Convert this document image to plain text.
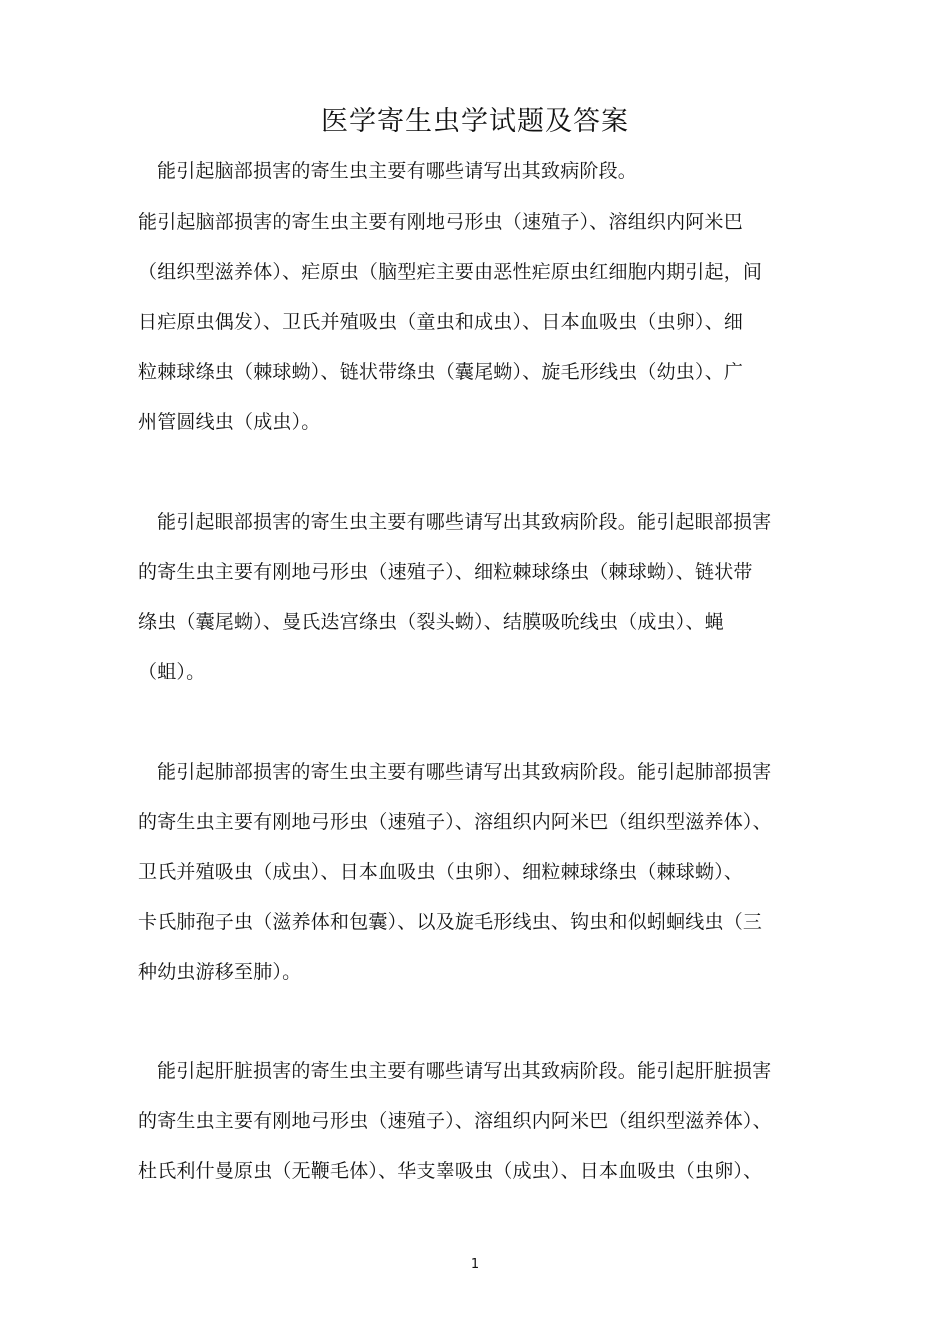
医学寄生虫学试题及答案
能引起脑部损害的寄生虫主要有哪些请写出其致病阶段。
能引起脑部损害的寄生虫主要有刚地弓形虫（速殖子）、溶组织内阿米巴
（组织型滋养体）、疟原虫（脑型疟主要由恶性疟原虫红细胞内期引起，间
日疟原虫偶发）、卫氏并殖吸虫（童虫和成虫）、日本血吸虫（虫卵）、细
粒棘球绦虫（棘球蚴）、链状带绦虫（囊尾蚴）、旋毛形线虫（幼虫）、广
州管圆线虫（成虫）。
能引起眼部损害的寄生虫主要有哪些请写出其致病阶段。能引起眼部损害
的寄生虫主要有刚地弓形虫（速殖子）、细粒棘球绦虫（棘球蚴）、链状带
绦虫（囊尾蚴）、曼氏迭宫绦虫（裂头蚴）、结膜吸吮线虫（成虫）、蝇
（蛆）。
能引起肺部损害的寄生虫主要有哪些请写出其致病阶段。能引起肺部损害
的寄生虫主要有刚地弓形虫（速殖子）、溶组织内阿米巴（组织型滋养体）、
卫氏并殖吸虫（成虫）、日本血吸虫（虫卵）、细粒棘球绦虫（棘球蚴）、
卡氏肺孢子虫（滋养体和包囊）、以及旋毛形线虫、钩虫和似蚓蛔线虫（三
种幼虫游移至肺）。
能引起肝脏损害的寄生虫主要有哪些请写出其致病阶段。能引起肝脏损害
的寄生虫主要有刚地弓形虫（速殖子）、溶组织内阿米巴（组织型滋养体）、
杜氏利什曼原虫（无鞭毛体）、华支睾吸虫（成虫）、日本血吸虫（虫卵）、
1
